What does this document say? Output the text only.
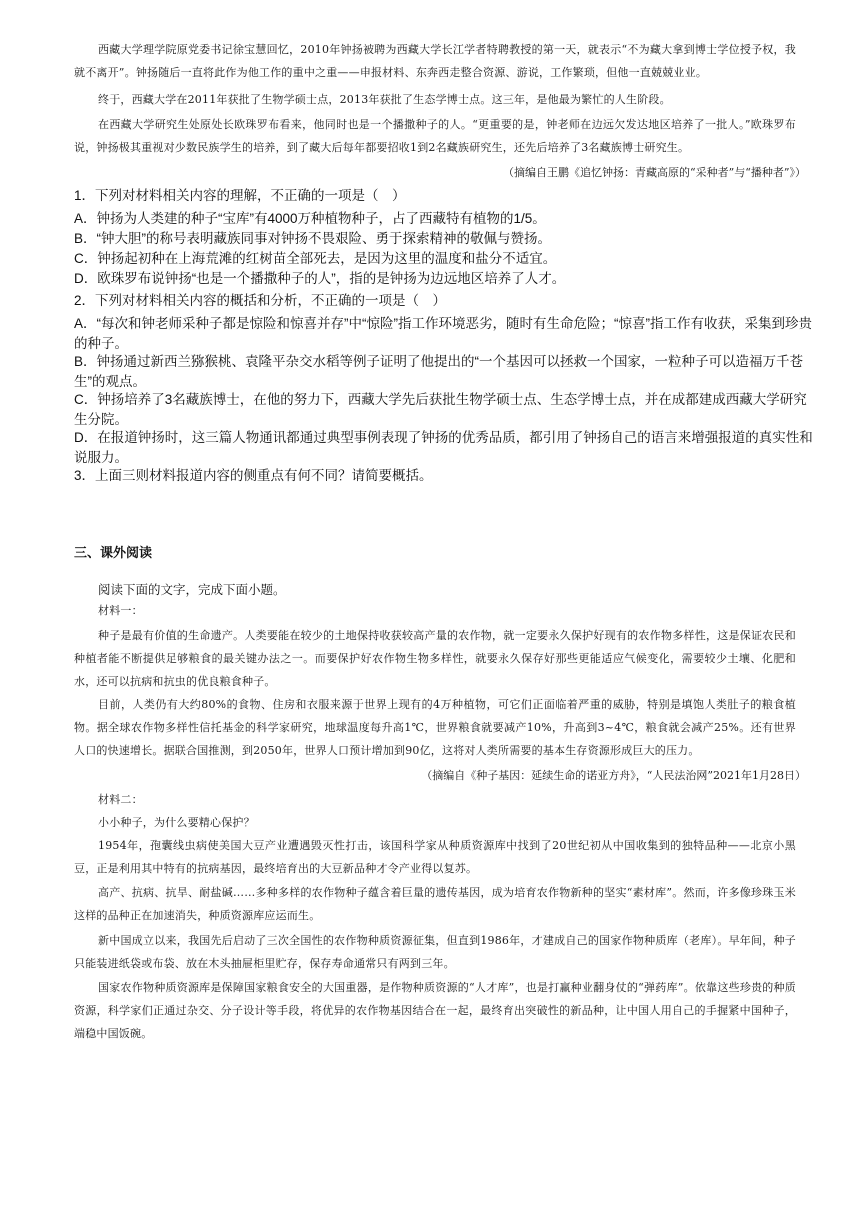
西藏大学理学院原党委书记徐宝慧回忆，2010年钟扬被聘为西藏大学长江学者特聘教授的第一天，就表示“不为藏大拿到博士学位授予权，我就不离开”。钟扬随后一直将此作为他工作的重中之重——申报材料、东奔西走整合资源、游说，工作繁琐，但他一直兢兢业业。

终于，西藏大学在2011年获批了生物学硕士点，2013年获批了生态学博士点。这三年，是他最为繁忙的人生阶段。

在西藏大学研究生处原处长欧珠罗布看来，他同时也是一个播撒种子的人。“更重要的是，钟老师在边远欠发达地区培养了一批人。”欧珠罗布说，钟扬极其重视对少数民族学生的培养，到了藏大后每年都要招收1到2名藏族研究生，还先后培养了3名藏族博士研究生。

（摘编自王鹏《追忆钟扬：青藏高原的“采种者”与“播种者”》）
1．下列对材料相关内容的理解，不正确的一项是（　）
A．钟扬为人类建的种子“宝库”有4000万种植物种子，占了西藏特有植物的1/5。
B．“钟大胆”的称号表明藏族同事对钟扬不畏艰险、勇于探索精神的敬佩与赞扬。
C．钟扬起初种在上海荒滩的红树苗全部死去，是因为这里的温度和盐分不适宜。
D．欧珠罗布说钟扬“也是一个播撒种子的人”，指的是钟扬为边远地区培养了人才。
2．下列对材料相关内容的概括和分析，不正确的一项是（　）
A．“每次和钟老师采种子都是惊险和惊喜并存”中“惊险”指工作环境恶劣，随时有生命危险；“惊喜”指工作有收获，采集到珍贵的种子。
B．钟扬通过新西兰猕猴桃、袁隆平杂交水稻等例子证明了他提出的“一个基因可以拯救一个国家，一粒种子可以造福万千苍生”的观点。
C．钟扬培养了3名藏族博士，在他的努力下，西藏大学先后获批生物学硕士点、生态学博士点，并在成都建成西藏大学研究生分院。
D．在报道钟扬时，这三篇人物通讯都通过典型事例表现了钟扬的优秀品质，都引用了钟扬自己的语言来增强报道的真实性和说服力。
3．上面三则材料报道内容的侧重点有何不同？请简要概括。
三、课外阅读
阅读下面的文字，完成下面小题。

材料一：

种子是最有价值的生命遗产。人类要能在较少的土地保持收获较高产量的农作物，就一定要永久保护好现有的农作物多样性，这是保证农民和种植者能不断提供足够粮食的最关键办法之一。而要保护好农作物生物多样性，就要永久保存好那些更能适应气候变化，需要较少土壤、化肥和水，还可以抗病和抗虫的优良粮食种子。

目前，人类仍有大约80%的食物、住房和衣服来源于世界上现有的4万种植物，可它们正面临着严重的威胁，特别是填饱人类肚子的粮食植物。据全球农作物多样性信托基金的科学家研究，地球温度每升高1℃，世界粮食就要减产10%，升高到3~4℃，粮食就会减产25%。还有世界人口的快速增长。据联合国推测，到2050年，世界人口预计增加到90亿，这将对人类所需要的基本生存资源形成巨大的压力。

（摘编自《种子基因：延续生命的诺亚方舟》，“人民法治网”2021年1月28日）

材料二：

小小种子，为什么要精心保护？

1954年，孢囊线虫病使美国大豆产业遭遇毁灭性打击，该国科学家从种质资源库中找到了20世纪初从中国收集到的独特品种——北京小黑豆，正是利用其中特有的抗病基因，最终培育出的大豆新品种才令产业得以复苏。

高产、抗病、抗旱、耐盐碱……多种多样的农作物种子蕴含着巨量的遗传基因，成为培育农作物新种的坚实“素材库”。然而，许多像珍珠玉米这样的品种正在加速消失，种质资源库应运而生。

新中国成立以来，我国先后启动了三次全国性的农作物种质资源征集，但直到1986年，才建成自己的国家作物种质库（老库）。早年间，种子只能装进纸袋或布袋、放在木头抽屉柜里贮存，保存寿命通常只有两到三年。

国家农作物种质资源库是保障国家粮食安全的大国重器，是作物种质资源的“人才库”，也是打赢种业翻身仗的“弹药库”。依靠这些珍贵的种质资源，科学家们正通过杂交、分子设计等手段，将优异的农作物基因结合在一起，最终育出突破性的新品种，让中国人用自己的手握紧中国种子，端稳中国饭碗。
